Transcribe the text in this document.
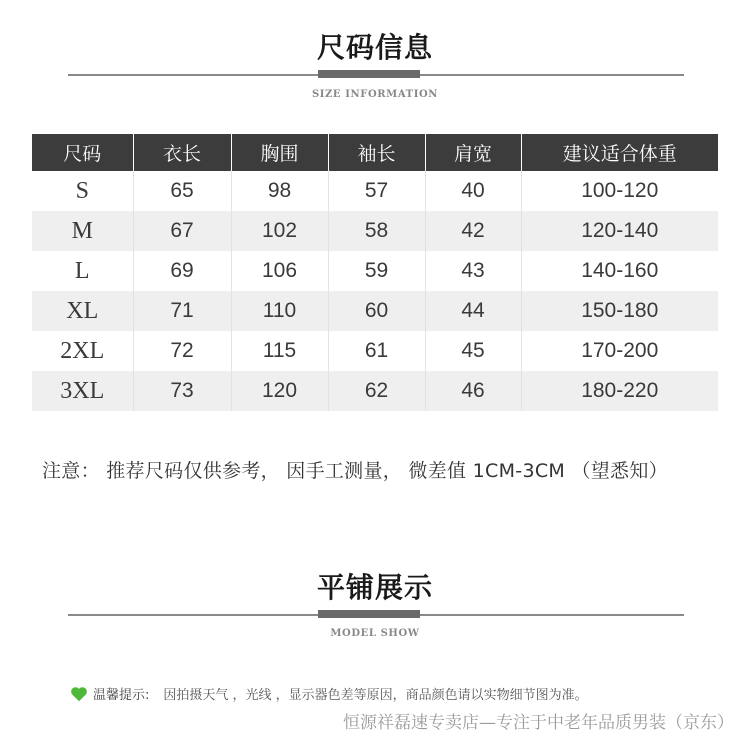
尺码信息
SIZE INFORMATION
尺码	衣长	胸围	袖长	肩宽	建议适合体重
S	65	98	57	40	100-120
M	67	102	58	42	120-140
L	69	106	59	43	140-160
XL	71	110	60	44	150-180
2XL	72	115	61	45	170-200
3XL	73	120	62	46	180-220
注意： 推荐尺码仅供参考， 因手工测量， 微差值 1CM-3CM （望悉知）
平铺展示
MODEL SHOW
温馨提示: 因拍摄天气 ，光线 ，显示器色差等原因，商品颜色请以实物细节图为准。
恒源祥磊速专卖店—专注于中老年品质男装（京东）
